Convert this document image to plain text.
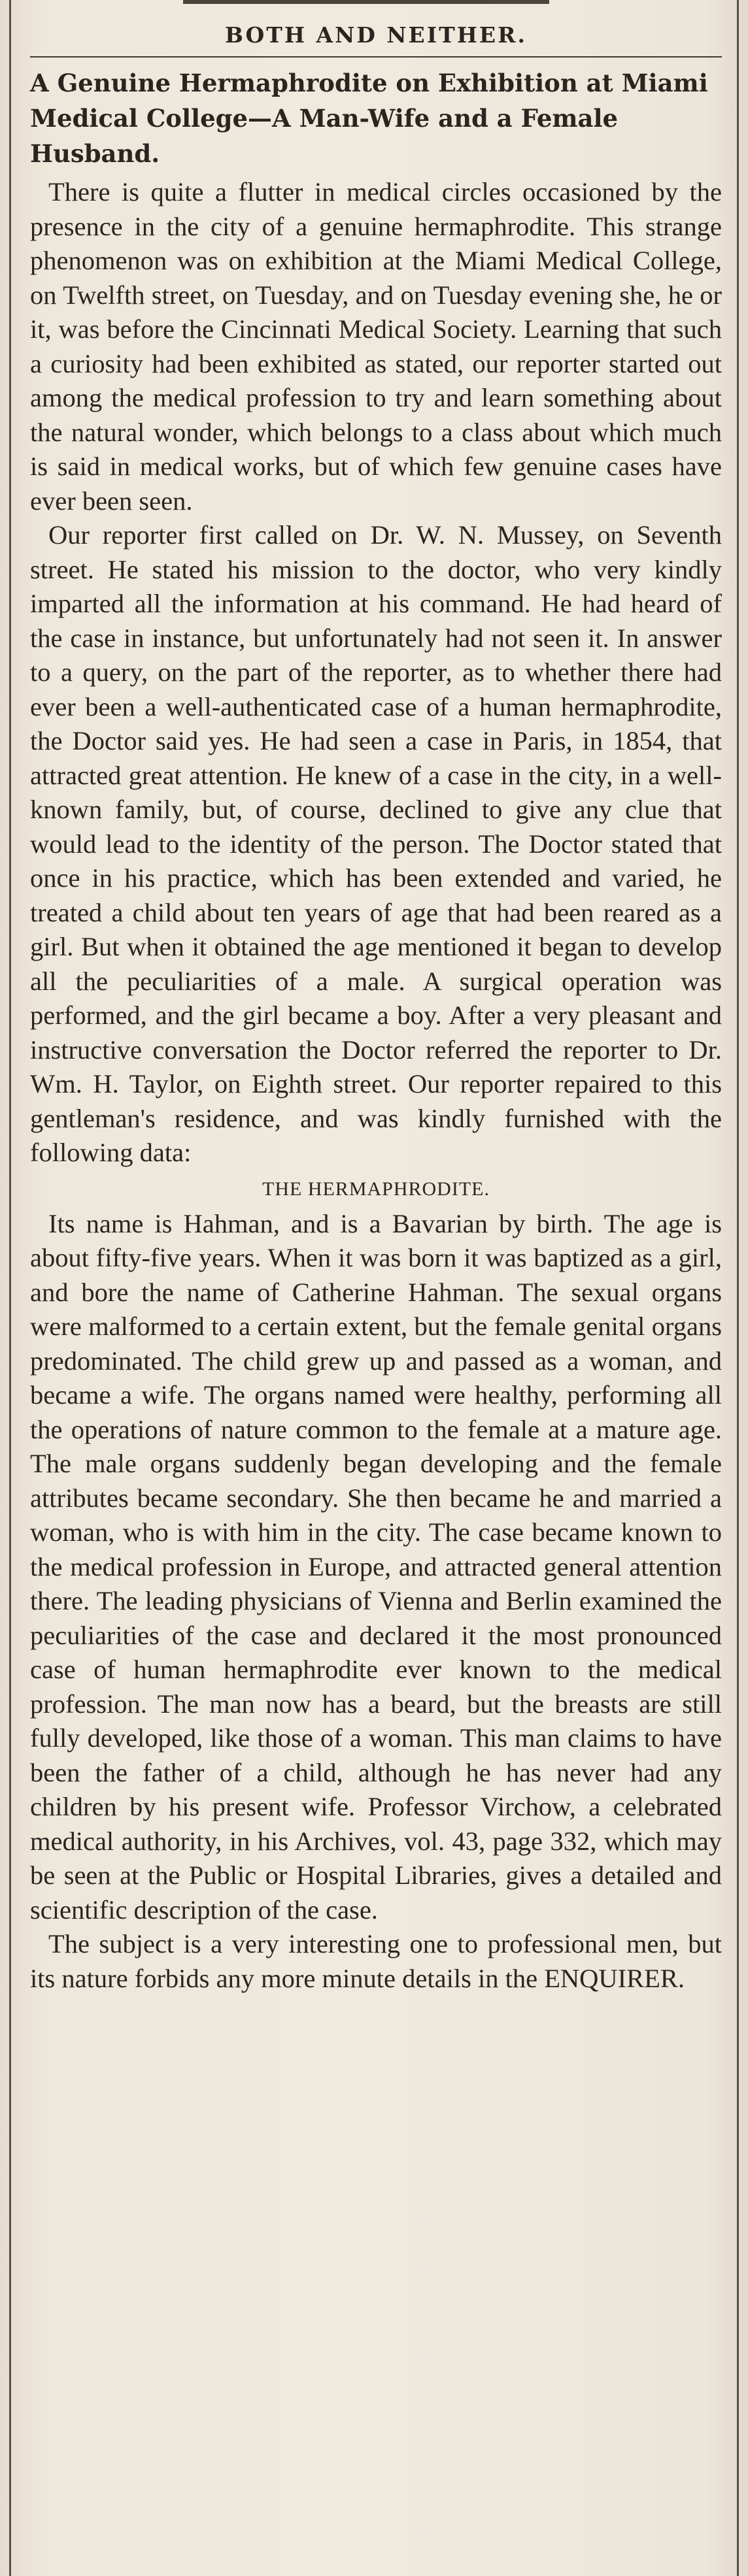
BOTH AND NEITHER.
A Genuine Hermaphrodite on Exhibition at Miami Medical College—A Man-Wife and a Female Husband.

There is quite a flutter in medical circles occasioned by the presence in the city of a genuine hermaphrodite. This strange phenomenon was on exhibition at the Miami Medical College, on Twelfth street, on Tuesday, and on Tuesday evening she, he or it, was before the Cincinnati Medical Society. Learning that such a curiosity had been exhibited as stated, our reporter started out among the medical profession to try and learn something about the natural wonder, which belongs to a class about which much is said in medical works, but of which few genuine cases have ever been seen.

Our reporter first called on Dr. W. N. Mussey, on Seventh street. He stated his mission to the doctor, who very kindly imparted all the information at his command. He had heard of the case in instance, but unfortunately had not seen it. In answer to a query, on the part of the reporter, as to whether there had ever been a well-authenticated case of a human hermaphrodite, the Doctor said yes. He had seen a case in Paris, in 1854, that attracted great attention. He knew of a case in the city, in a well-known family, but, of course, declined to give any clue that would lead to the identity of the person. The Doctor stated that once in his practice, which has been extended and varied, he treated a child about ten years of age that had been reared as a girl. But when it obtained the age mentioned it began to develop all the peculiarities of a male. A surgical operation was performed, and the girl became a boy. After a very pleasant and instructive conversation the Doctor referred the reporter to Dr. Wm. H. Taylor, on Eighth street. Our reporter repaired to this gentleman's residence, and was kindly furnished with the following data:

THE HERMAPHRODITE.

Its name is Hahman, and is a Bavarian by birth. The age is about fifty-five years. When it was born it was baptized as a girl, and bore the name of Catherine Hahman. The sexual organs were malformed to a certain extent, but the female genital organs predominated. The child grew up and passed as a woman, and became a wife. The organs named were healthy, performing all the operations of nature common to the female at a mature age. The male organs suddenly began developing and the female attributes became secondary. She then became he and married a woman, who is with him in the city. The case became known to the medical profession in Europe, and attracted general attention there. The leading physicians of Vienna and Berlin examined the peculiarities of the case and declared it the most pronounced case of human hermaphrodite ever known to the medical profession. The man now has a beard, but the breasts are still fully developed, like those of a woman. This man claims to have been the father of a child, although he has never had any children by his present wife. Professor Virchow, a celebrated medical authority, in his Archives, vol. 43, page 332, which may be seen at the Public or Hospital Libraries, gives a detailed and scientific description of the case.

The subject is a very interesting one to professional men, but its nature forbids any more minute details in the ENQUIRER.
